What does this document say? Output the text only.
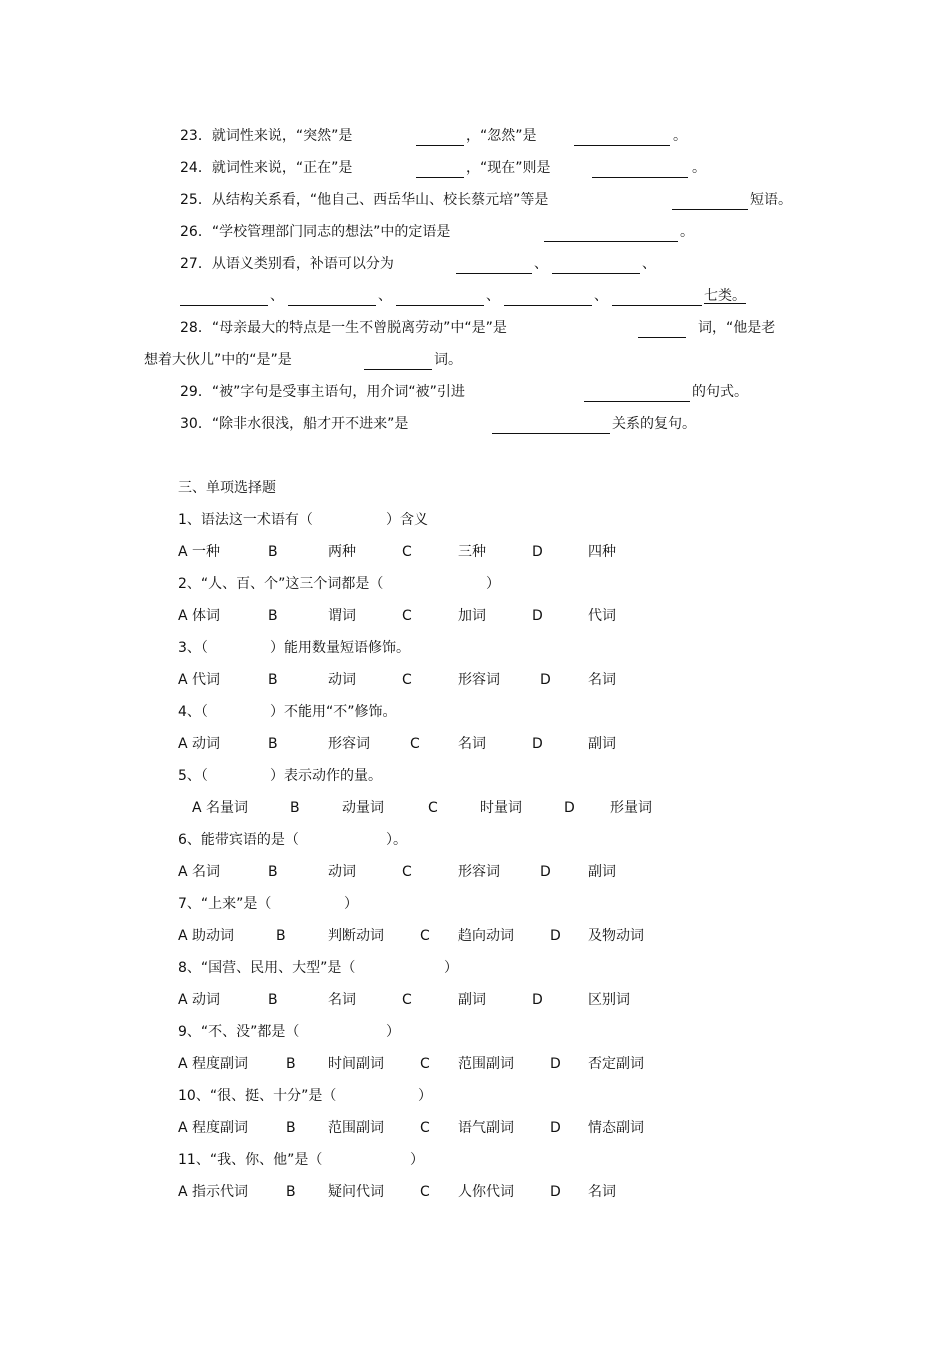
23．就词性来说，“突然”是	，“忽然”是	。
24．就词性来说，“正在”是	，“现在”则是	。
25．从结构关系看，“他自己、西岳华山、校长蔡元培”等是	短语。
26．“学校管理部门同志的想法”中的定语是	。
27．从语义类别看，补语可以分为	、	、
、	、	、	、	七类。
28．“母亲最大的特点是一生不曾脱离劳动”中“是”是	词，“他是老
想着大伙儿”中的“是”是	词。
29．“被”字句是受事主语句，用介词“被”引进	的句式。
30．“除非水很浅，船才开不进来”是	关系的复句。
三、单项选择题
1、语法这一术语有（	）含义
A 一种	B	两种	C	三种	D	四种
2、“人、百、个”这三个词都是（	）
A 体词	B	谓词	C	加词	D	代词
3、（	）能用数量短语修饰。
A 代词	B	动词	C	形容词	D	名词
4、（	）不能用“不”修饰。
A 动词	B	形容词	C	名词	D	副词
5、（	）表示动作的量。
A 名量词	B	动量词	C	时量词	D	形量词
6、能带宾语的是（	）。
A 名词	B	动词	C	形容词	D	副词
7、“上来”是（	）
A 助动词	B	判断动词	C 趋向动词	D 及物动词
8、“国营、民用、大型”是（	）
A 动词	B	名词	C	副词	D	区别词
9、“不、没”都是（	）
A 程度副词	B 时间副词	C 范围副词	D 否定副词
10、“很、挺、十分”是（	）
A 程度副词	B 范围副词	C 语气副词	D 情态副词
11、“我、你、他”是（	）
A 指示代词	B 疑问代词	C 人你代词	D 名词
